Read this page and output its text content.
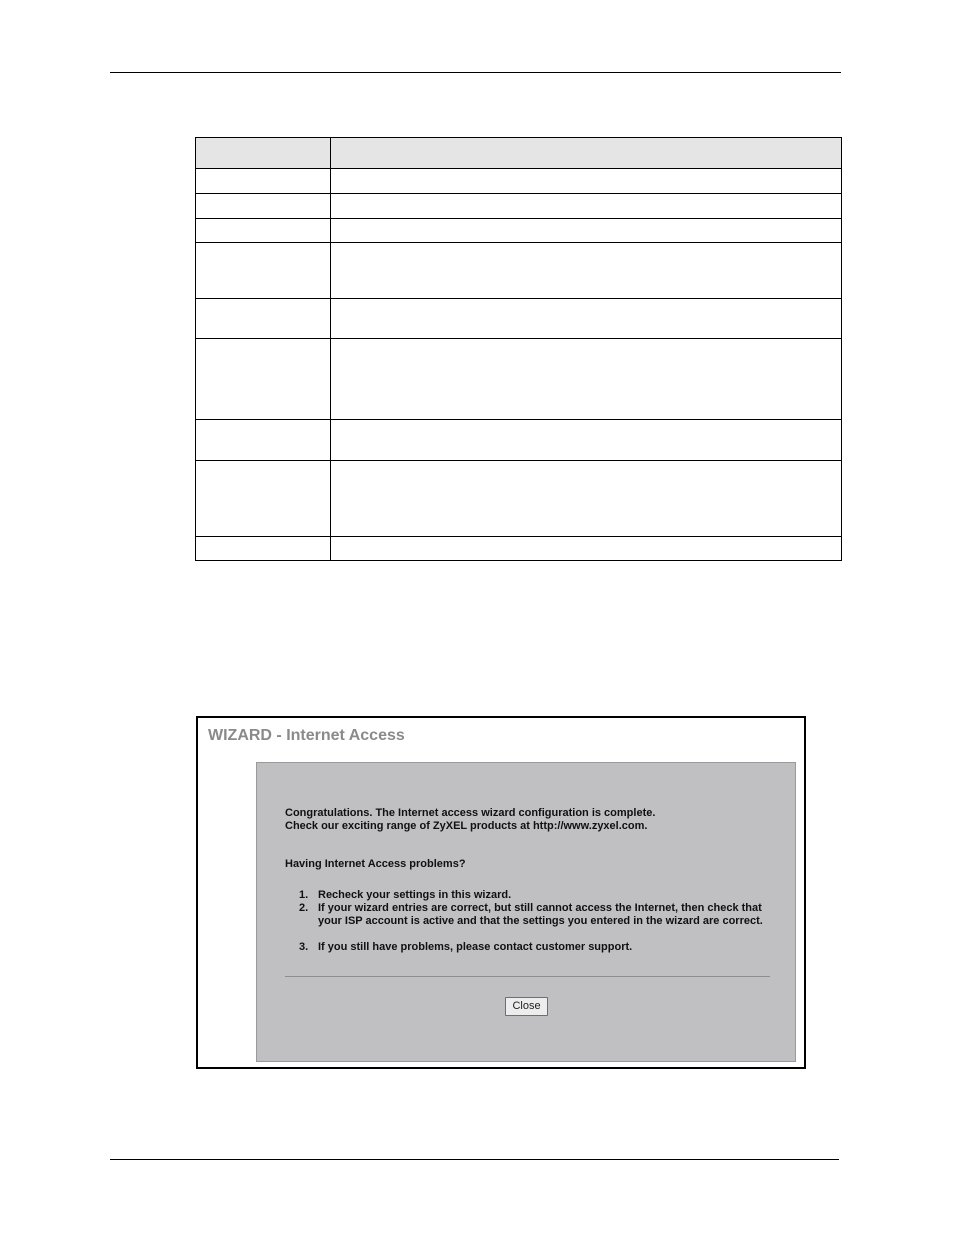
WIZARD - Internet Access

Congratulations. The Internet access wizard configuration is complete.

Check our exciting range of ZyXEL products at http://www.zyxel.com.

Having Internet Access problems?

1. Recheck your settings in this wizard.

2. If your wizard entries are correct, but still cannot access the Internet, then check that

your ISP account is active and that the settings you entered in the wizard are correct.

3. If you still have problems, please contact customer support.

Close
